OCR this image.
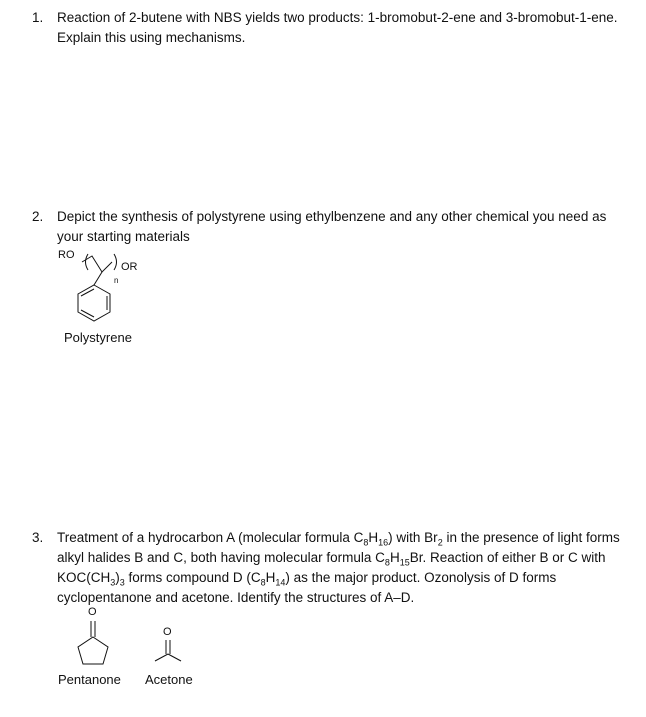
1. Reaction of 2-butene with NBS yields two products: 1-bromobut-2-ene and 3-bromobut-1-ene. Explain this using mechanisms.
2. Depict the synthesis of polystyrene using ethylbenzene and any other chemical you need as your starting materials
RO
OR
n
Polystyrene
3. Treatment of a hydrocarbon A (molecular formula $C_8H_{16}$) with $Br_2$ in the presence of light forms alkyl halides B and C, both having molecular formula $C_8H_{15}Br$. Reaction of either B or C with $KOC(CH_3)_3$ forms compound D $(C_8H_{14})$ as the major product. Ozonolysis of D forms cyclopentanone and acetone. Identify the structures of A–D.
O
O
Pentanone Acetone
